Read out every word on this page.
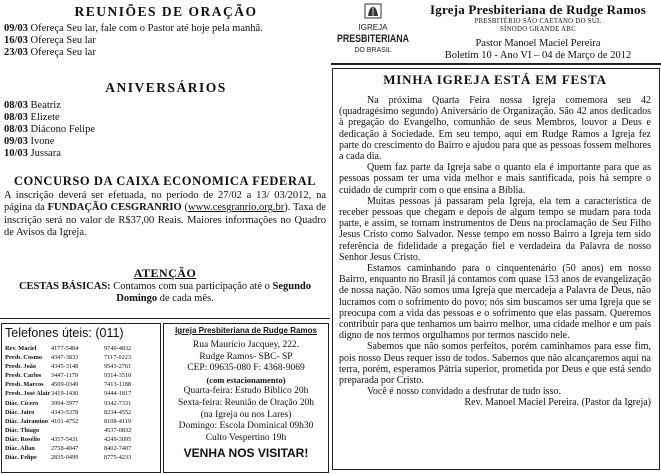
REUNIÕES DE ORAÇÃO
09/03 Ofereça Seu lar, fale com o Pastor até hoje pela manhã.
16/03 Ofereça Seu lar
23/03 Ofereça Seu lar
ANIVERSÁRIOS
08/03 Beatriz
08/03 Elizete
08/03 Diácono Felipe
09/03 Ivone
10/03 Jussara
CONCURSO DA CAIXA ECONOMICA FEDERAL

A inscrição deverá ser efetuada, no período de 27/02 a 13/ 03/2012, na página da FUNDAÇÃO CESGRANRIO (www.cesgranrio.org.br). Taxa de inscrição será no valor de R$37,00 Reais. Maiores informações no Quadro de Avisos da Igreja.

ATENÇÃO

CESTAS BÁSICAS: Contamos com sua participação até o Segundo Domingo de cada mês.

Telefones úteis: (011)
Rev. Maciel	4177-5484	9740-4832
Presb. Cosmo	4347-3833	7117-0223
Presb. João	4345-3148	9543-2761
Presb. Carlos	3447-1179	9314-3510
Presb. Marcos	4509-0349	7413-1188
Presb. José Alair	3419-1430	9444-1817
Diác. Cícero	3994-3977	9342-7331
Diác. Jairo	4343-5378	8234-4552
Diác. Jairamino	4101-4752	8108-4119
Diác. Thiago		4537-0832
Diác. Rosélio	4357-5431	4249-3095
Diác. Allan	2758-4047	8402-7407
Diác. Felipe	2835-0499	8775-4233
Igreja Presbiteriana de Rudge Ramos
Rua Maurício Jacquey, 222.
Rudge Ramos- SBC- SP
CEP: 09635-080 F: 4368-9069
(com estacionamento)
Quarta-feira: Estudo Bíblico 20h
Sexta-feira: Reunião de Oração 20h
(na Igreja ou nos Lares)
Domingo: Escola Dominical 09h30
Culto Vespertino 19h
VENHA NOS VISITAR!
IGREJA
PRESBITERIANA
DO BRASIL
Igreja Presbiteriana de Rudge Ramos
PRESBITÉRIO SÃO CAETANO DO SUL
SÍNODO GRANDE ABC
Pastor Manoel Maciel Pereira
Boletim 10 - Ano VI – 04 de Março de 2012
MINHA IGREJA ESTÁ EM FESTA

Na próxima Quarta Feira nossa Igreja comemora seu 42 (quadragésimo segundo) Aniversário de Organização. São 42 anos dedicados à pregação do Evangelho, comunhão de seus Membros, louvor a Deus e dedicação à Sociedade. Em seu tempo, aqui em Rudge Ramos a Igreja fez parte do crescimento do Bairro e ajudou para que as pessoas fossem melhores a cada dia.

Quem faz parte da Igreja sabe o quanto ela é importante para que as pessoas possam ter uma vida melhor e mais santificada, pois há sempre o cuidado de cumprir com o que ensina a Bíblia.

Muitas pessoas já passaram pela Igreja, ela tem a característica de receber pessoas que chegam e depois de algum tempo se mudam para toda parte, e assim, se tornam instrumentos de Deus na proclamação de Seu Filho Jesus Cristo como Salvador. Nesse tempo em nosso Bairro a Igreja tem sido referência de fidelidade a pregação fiel e verdadeira da Palavra de nosso Senhor Jesus Cristo.

Estamos caminhando para o cinquentenário (50 anos) em nosso Bairro, enquanto no Brasil já contamos com quase 153 anos de evangelização de nossa nação. Não somos uma Igreja que mercadeja a Palavra de Deus, não lucramos com o sofrimento do povo; nós sim buscamos ser uma Igreja que se preocupa com a vida das pessoas e o sofrimento que elas passam. Queremos contribuir para que tenhamos um bairro melhor, uma cidade melhor e um país digno de nos termos orgulhamos por termos nascido nele.

Sabemos que não somos perfeitos, porém caminhamos para esse fim, pois nosso Deus requer isso de todos. Sabemos que não alcançaremos aqui na terra, porém, esperamos Pátria superior, prometida por Deus e que está sendo preparada por Cristo.

Você é nosso convidado a desfrutar de tudo isso.

Rev. Manoel Maciel Pereira. (Pastor da Igreja)
